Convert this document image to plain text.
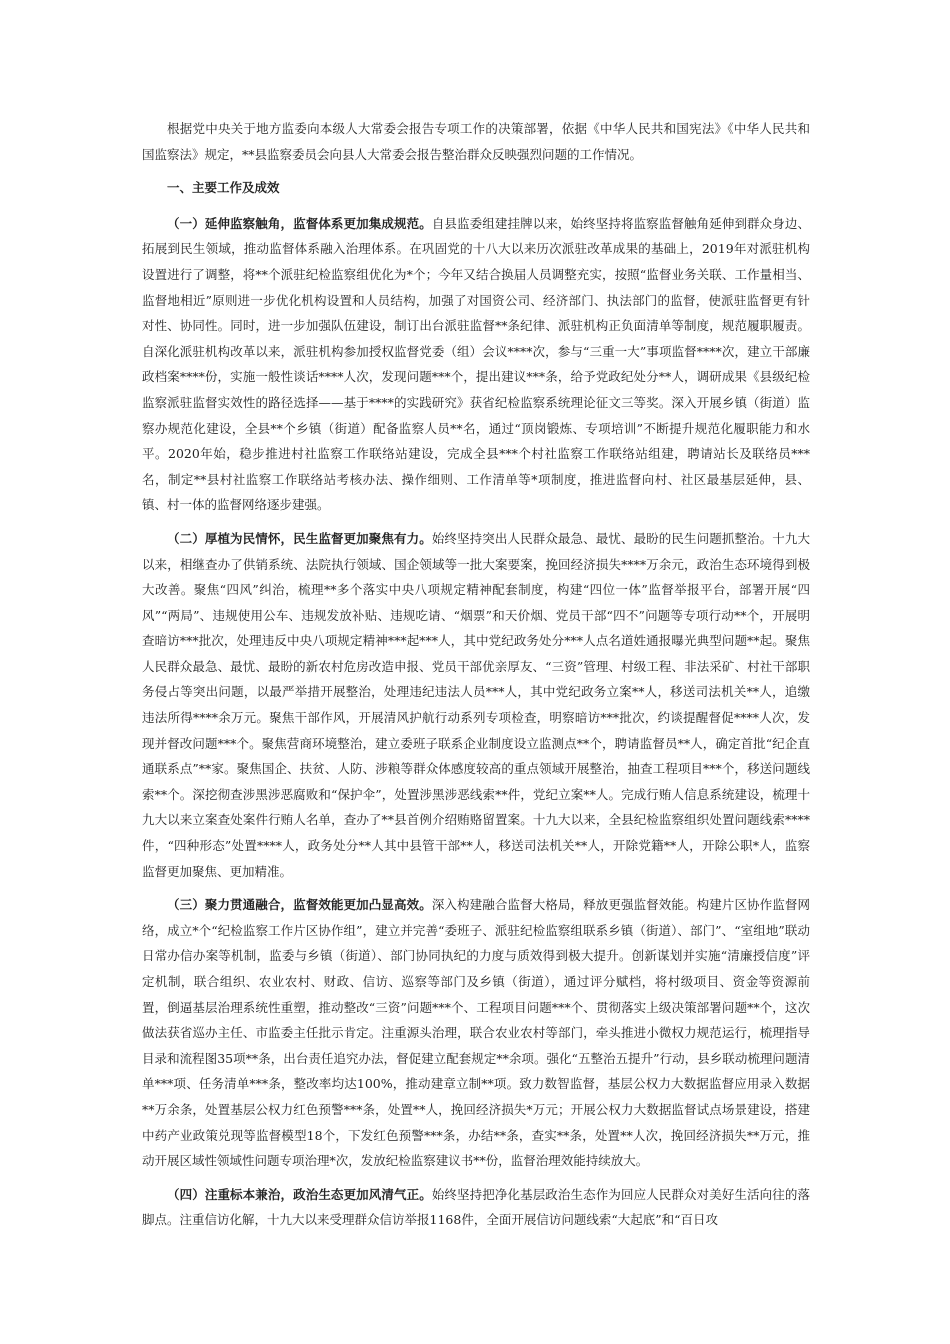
根据党中央关于地方监委向本级人大常委会报告专项工作的决策部署，依据《中华人民共和国宪法》《中华人民共和国监察法》规定，**县监察委员会向县人大常委会报告整治群众反映强烈问题的工作情况。

一、主要工作及成效

（一）延伸监察触角，监督体系更加集成规范。自县监委组建挂牌以来，始终坚持将监察监督触角延伸到群众身边、拓展到民生领域，推动监督体系融入治理体系。在巩固党的十八大以来历次派驻改革成果的基础上，2019年对派驻机构设置进行了调整，将**个派驻纪检监察组优化为*个；今年又结合换届人员调整充实，按照“监督业务关联、工作量相当、监督地相近”原则进一步优化机构设置和人员结构，加强了对国资公司、经济部门、执法部门的监督，使派驻监督更有针对性、协同性。同时，进一步加强队伍建设，制订出台派驻监督**条纪律、派驻机构正负面清单等制度，规范履职履责。自深化派驻机构改革以来，派驻机构参加授权监督党委（组）会议****次，参与“三重一大”事项监督****次，建立干部廉政档案****份，实施一般性谈话****人次，发现问题***个，提出建议***条，给予党政纪处分**人，调研成果《县级纪检监察派驻监督实效性的路径选择——基于****的实践研究》获省纪检监察系统理论征文三等奖。深入开展乡镇（街道）监察办规范化建设，全县**个乡镇（街道）配备监察人员**名，通过“顶岗锻炼、专项培训”不断提升规范化履职能力和水平。2020年始，稳步推进村社监察工作联络站建设，完成全县***个村社监察工作联络站组建，聘请站长及联络员***名，制定**县村社监察工作联络站考核办法、操作细则、工作清单等*项制度，推进监督向村、社区最基层延伸，县、镇、村一体的监督网络逐步建强。

（二）厚植为民情怀，民生监督更加聚焦有力。始终坚持突出人民群众最急、最忧、最盼的民生问题抓整治。十九大以来，相继查办了供销系统、法院执行领域、国企领域等一批大案要案，挽回经济损失****万余元，政治生态环境得到极大改善。聚焦“四风”纠治，梳理**多个落实中央八项规定精神配套制度，构建“四位一体”监督举报平台，部署开展“四风”“两局”、违规使用公车、违规发放补贴、违规吃请、“烟票”和天价烟、党员干部“四不”问题等专项行动**个，开展明查暗访***批次，处理违反中央八项规定精神***起***人，其中党纪政务处分***人点名道姓通报曝光典型问题**起。聚焦人民群众最急、最忧、最盼的新农村危房改造申报、党员干部优亲厚友、“三资”管理、村级工程、非法采矿、村社干部职务侵占等突出问题，以最严举措开展整治，处理违纪违法人员***人，其中党纪政务立案**人，移送司法机关**人，追缴违法所得****余万元。聚焦干部作风，开展清风护航行动系列专项检查，明察暗访***批次，约谈提醒督促****人次，发现并督改问题***个。聚焦营商环境整治，建立委班子联系企业制度设立监测点**个，聘请监督员**人，确定首批“纪企直通联系点”**家。聚焦国企、扶贫、人防、涉粮等群众体感度较高的重点领域开展整治，抽查工程项目***个，移送问题线索**个。深挖彻查涉黑涉恶腐败和“保护伞”，处置涉黑涉恶线索**件，党纪立案**人。完成行贿人信息系统建设，梳理十九大以来立案查处案件行贿人名单，查办了**县首例介绍贿赂留置案。十九大以来，全县纪检监察组织处置问题线索****件，“四种形态”处置****人，政务处分**人其中县管干部**人，移送司法机关**人，开除党籍**人，开除公职*人，监察监督更加聚焦、更加精准。

（三）聚力贯通融合，监督效能更加凸显高效。深入构建融合监督大格局，释放更强监督效能。构建片区协作监督网络，成立*个“纪检监察工作片区协作组”，建立并完善“委班子、派驻纪检监察组联系乡镇（街道）、部门”、“室组地”联动日常办信办案等机制，监委与乡镇（街道）、部门协同执纪的力度与质效得到极大提升。创新谋划并实施“清廉授信度”评定机制，联合组织、农业农村、财政、信访、巡察等部门及乡镇（街道），通过评分赋档，将村级项目、资金等资源前置，倒逼基层治理系统性重塑，推动整改“三资”问题***个、工程项目问题***个、贯彻落实上级决策部署问题**个，这次做法获省巡办主任、市监委主任批示肯定。注重源头治理，联合农业农村等部门，牵头推进小微权力规范运行，梳理指导目录和流程图35项**条，出台责任追究办法，督促建立配套规定**余项。强化“五整治五提升”行动，县乡联动梳理问题清单***项、任务清单***条，整改率均达100%，推动建章立制**项。致力数智监督，基层公权力大数据监督应用录入数据**万余条，处置基层公权力红色预警***条，处置**人，挽回经济损失*万元；开展公权力大数据监督试点场景建设，搭建中药产业政策兑现等监督模型18个，下发红色预警***条，办结**条，查实**条，处置**人次，挽回经济损失**万元，推动开展区域性领域性问题专项治理*次，发放纪检监察建议书**份，监督治理效能持续放大。

（四）注重标本兼治，政治生态更加风清气正。始终坚持把净化基层政治生态作为回应人民群众对美好生活向往的落脚点。注重信访化解，十九大以来受理群众信访举报1168件，全面开展信访问题线索“大起底”和“百日攻
